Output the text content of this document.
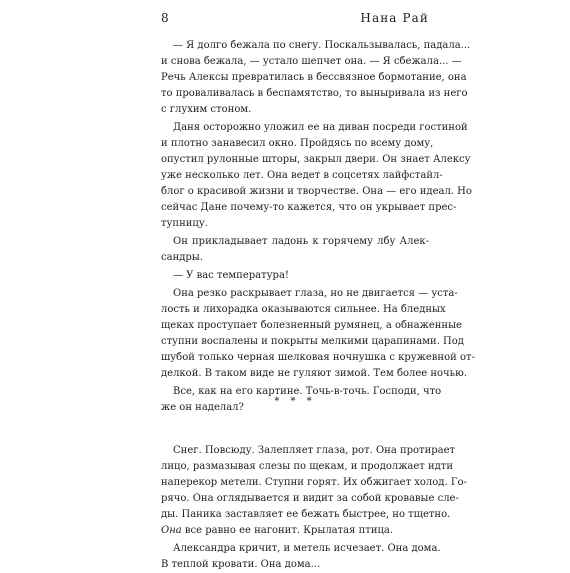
8	Нана Рай
— Я долго бежала по снегу. Поскальзывалась, падала...
и снова бежала, — устало шепчет она. — Я сбежала... —
Речь Алексы превратилась в бессвязное бормотание, она
то проваливалась в беспамятство, то выныривала из него
с глухим стоном.
Даня осторожно уложил ее на диван посреди гостиной
и плотно занавесил окно. Пройдясь по всему дому,
опустил рулонные шторы, закрыл двери. Он знает Алексу
уже несколько лет. Она ведет в соцсетях лайфстайл-
блог о красивой жизни и творчестве. Она — его идеал. Но
сейчас Дане почему-то кажется, что он укрывает прес-
тупницу.
Он прикладывает ладонь к горячему лбу Алек-
сандры.
— У вас температура!
Она резко раскрывает глаза, но не двигается — уста-
лость и лихорадка оказываются сильнее. На бледных
щеках проступает болезненный румянец, а обнаженные
ступни воспалены и покрыты мелкими царапинами. Под
шубой только черная шелковая ночнушка с кружевной от-
делкой. В таком виде не гуляют зимой. Тем более ночью.
Все, как на его картине. Точь-в-точь. Господи, что
же он наделал?
Снег. Повсюду. Залепляет глаза, рот. Она протирает
лицо, размазывая слезы по щекам, и продолжает идти
наперекор метели. Ступни горят. Их обжигает холод. Го-
рячо. Она оглядывается и видит за собой кровавые сле-
ды. Паника заставляет ее бежать быстрее, но тщетно.
Она все равно ее нагонит. Крылатая птица.
Александра кричит, и метель исчезает. Она дома.
В теплой кровати. Она дома...
* * *
